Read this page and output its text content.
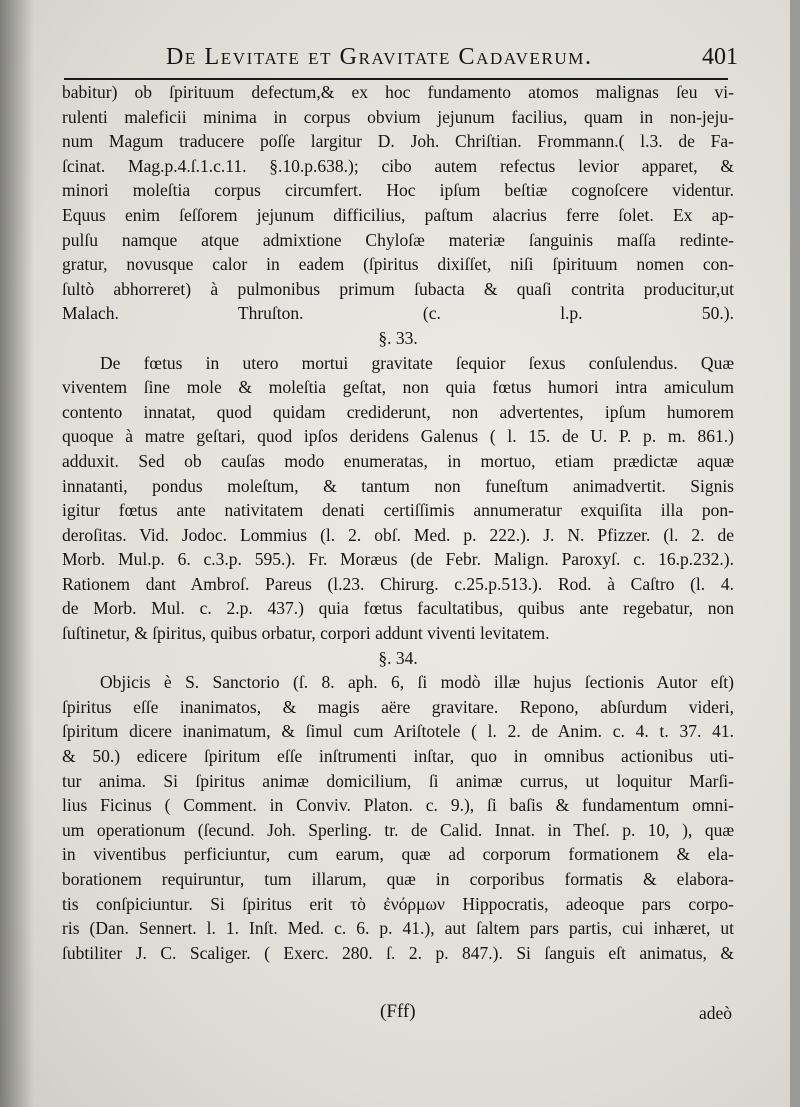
De Levitate et Gravitate Cadaverum.	401
babitur) ob ſpirituum defectum,& ex hoc fundamento atomos malignas ſeu vi-
rulenti maleficii minima in corpus obvium jejunum facilius, quam in non-jeju-
num Magum traducere poſſe largitur D. Joh. Chriſtian. Frommann.( l.3. de Fa-
ſcinat. Mag.p.4.ſ.1.c.11. §.10.p.638.); cibo autem refectus levior apparet, &
minori moleſtia corpus circumfert. Hoc ipſum beſtiæ cognoſcere videntur.
Equus enim ſeſſorem jejunum difficilius, paſtum alacrius ferre ſolet. Ex ap-
pulſu namque atque admixtione Chyloſæ materiæ ſanguinis maſſa redinte-
gratur, novusque calor in eadem (ſpiritus dixiſſet, niſi ſpirituum nomen con-
ſultò abhorreret) à pulmonibus primum ſubacta & quaſi contrita producitur,ut
Malach. Thruſton. (c. l.p. 50.).
§. 33.
De fœtus in utero mortui gravitate ſequior ſexus conſulendus. Quæ
viventem ſine mole & moleſtia geſtat, non quia fœtus humori intra amiculum
contento innatat, quod quidam crediderunt, non advertentes, ipſum humorem
quoque à matre geſtari, quod ipſos deridens Galenus ( l. 15. de U. P. p. m. 861.)
adduxit. Sed ob cauſas modo enumeratas, in mortuo, etiam prædictæ aquæ
innatanti, pondus moleſtum, & tantum non funeſtum animadvertit. Signis
igitur fœtus ante nativitatem denati certiſſimis annumeratur exquiſita illa pon-
deroſitas. Vid. Jodoc. Lommius (l. 2. obſ. Med. p. 222.). J. N. Pfizzer. (l. 2. de
Morb. Mul.p. 6. c.3.p. 595.). Fr. Moræus (de Febr. Malign. Paroxyſ. c. 16.p.232.).
Rationem dant Ambroſ. Pareus (l.23. Chirurg. c.25.p.513.). Rod. à Caſtro (l. 4.
de Morb. Mul. c. 2.p. 437.) quia fœtus facultatibus, quibus ante regebatur, non
ſuſtinetur, & ſpiritus, quibus orbatur, corpori addunt viventi levitatem.
§. 34.
Objicis è S. Sanctorio (ſ. 8. aph. 6, ſi modò illæ hujus ſectionis Autor eſt)
ſpiritus eſſe inanimatos, & magis aëre gravitare. Repono, abſurdum videri,
ſpiritum dicere inanimatum, & ſimul cum Ariſtotele ( l. 2. de Anim. c. 4. t. 37. 41.
& 50.) edicere ſpiritum eſſe inſtrumenti inſtar, quo in omnibus actionibus uti-
tur anima. Si ſpiritus animæ domicilium, ſi animæ currus, ut loquitur Marſi-
lius Ficinus ( Comment. in Conviv. Platon. c. 9.), ſi baſis & fundamentum omni-
um operationum (ſecund. Joh. Sperling. tr. de Calid. Innat. in Theſ. p. 10, ), quæ
in viventibus perficiuntur, cum earum, quæ ad corporum formationem & ela-
borationem requiruntur, tum illarum, quæ in corporibus formatis & elabora-
tis conſpiciuntur. Si ſpiritus erit τὸ ἐνόρμων Hippocratis, adeoque pars corpo-
ris (Dan. Sennert. l. 1. Inſt. Med. c. 6. p. 41.), aut ſaltem pars partis, cui inhæret, ut
ſubtiliter J. C. Scaliger. ( Exerc. 280. ſ. 2. p. 847.). Si ſanguis eſt animatus, &
(Fff)	adeò
